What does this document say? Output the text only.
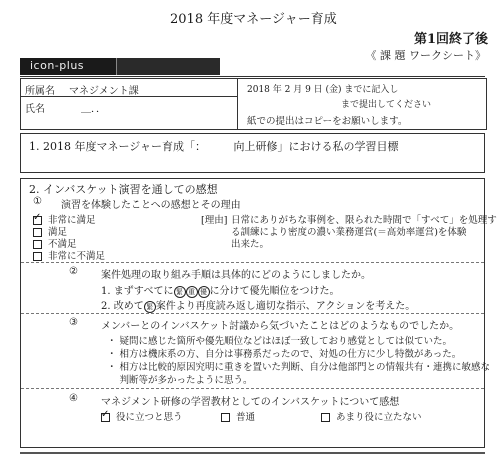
2018 年度マネージャー育成
第1回終了後
《 課 題 ワークシート》
icon-plus
所属名 マネジメント課
氏名	＿．．
2018 年 2 月 9 日 (金) までに記入し
まで提出してください
紙での提出はコピーをお願いします。
1. 2018 年度マネージャー育成「：　　　向上研修」における私の学習目標
2. インバスケット演習を通しての感想
① 演習を体験したことへの感想とその理由
✓非常に満足
満足
不満足
非常に不満足
[理由] 日常にありがちな事例を、限られた時間で「すべて」を処理す
る訓練により密度の濃い業務運営(＝高効率運営)を体験
出来た。
② 案件処理の取り組み手順は具体的にどのようにしましたか。
1. まずすべてに 緊 重 優 に分けて優先順位をつけた。
2. 改めて 緊 案件より再度読み返し適切な指示、アクションを考えた。
③ メンバーとのインバスケット討議から気づいたことはどのようなものでしたか。
・ 疑問に感じた箇所や優先順位などはほぼ一致しており感覚としては似ていた。
・ 相方は機床系の方、自分は事務系だったので、対処の仕方に少し特徴があった。
・ 相方は比較的原因究明に重きを置いた判断、自分は他部門との情報共有・連携に敏感な
　 判断等が多かったように思う。
④ マネジメント研修の学習教材としてのインバスケットについて感想
✓役に立つと思う	普通	あまり役に立たない
